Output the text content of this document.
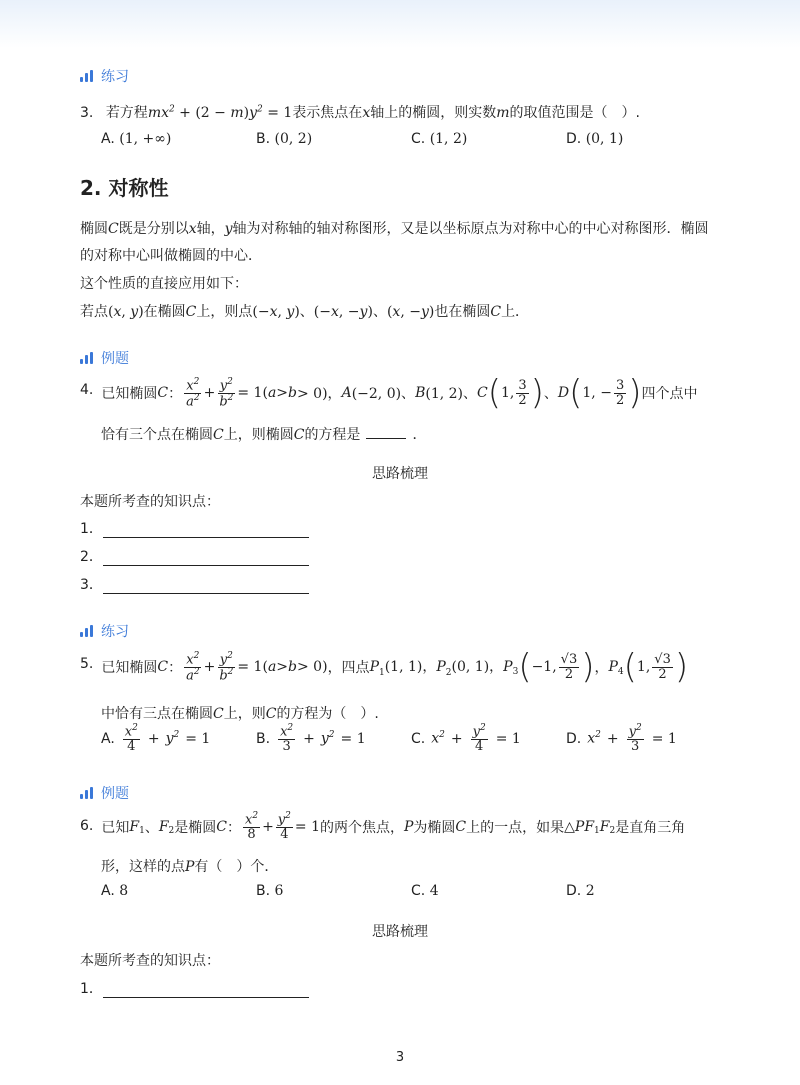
练习
3. 若方程$mx^2 + (2 - m)y^2 = 1$表示焦点在x轴上的椭圆，则实数m的取值范围是（　）.
A. (1, +∞)	B. (0, 2)	C. (1, 2)	D. (0, 1)
2. 对称性
椭圆C既是分别以x轴，y轴为对称轴的轴对称图形，又是以坐标原点为对称中心的中心对称图形．椭圆
的对称中心叫做椭圆的中心．
这个性质的直接应用如下：
若点(x, y)在椭圆C上，则点(−x, y)、(−x, −y)、(x, −y)也在椭圆C上．
例题
4. 已知椭圆 C ： $\frac{x^2}{a^2} + \frac{y^2}{b^2} = 1$( a > b > 0)， A (−2, 0)、 B (1, 2)、 C ( 1, $\frac{3}{2}$ ) 、 D ( 1, − $\frac{3}{2}$ ) 四个点中
恰有三个点在椭圆C上，则椭圆C的方程是	．
思路梳理
本题所考查的知识点：
1．
2．
3．
练习
5. 已知椭圆 C ： $\frac{x^2}{a^2} + \frac{y^2}{b^2} = 1$( a > b > 0) ，四点 P $_1$(1, 1)， P $_2$(0, 1)， P $_3$ ( −1, $\frac{√3}{2}$ ) ， P $_4$ ( 1, $\frac{√3}{2}$ )
中恰有三点在椭圆C上，则C的方程为（　）.
A. $\frac{x^2}{4} + y^2 = 1$	B. $\frac{x^2}{3} + y^2 = 1$	C. $x^2 + \frac{y^2}{4} = 1$	D. $x^2 + \frac{y^2}{3} = 1$
例题
6. 已知 F $_1$ 、 F $_2$ 是椭圆 C ： $\frac{x^2}{8} + \frac{y^2}{4} = 1$ 的两个焦点， P 为椭圆 C 上的一点，如果 △ PF $_1$ F $_2$ 是直角三角
形，这样的点P有（　）个．
A. 8	B. 6	C. 4	D. 2
思路梳理
本题所考查的知识点：
1．
3
